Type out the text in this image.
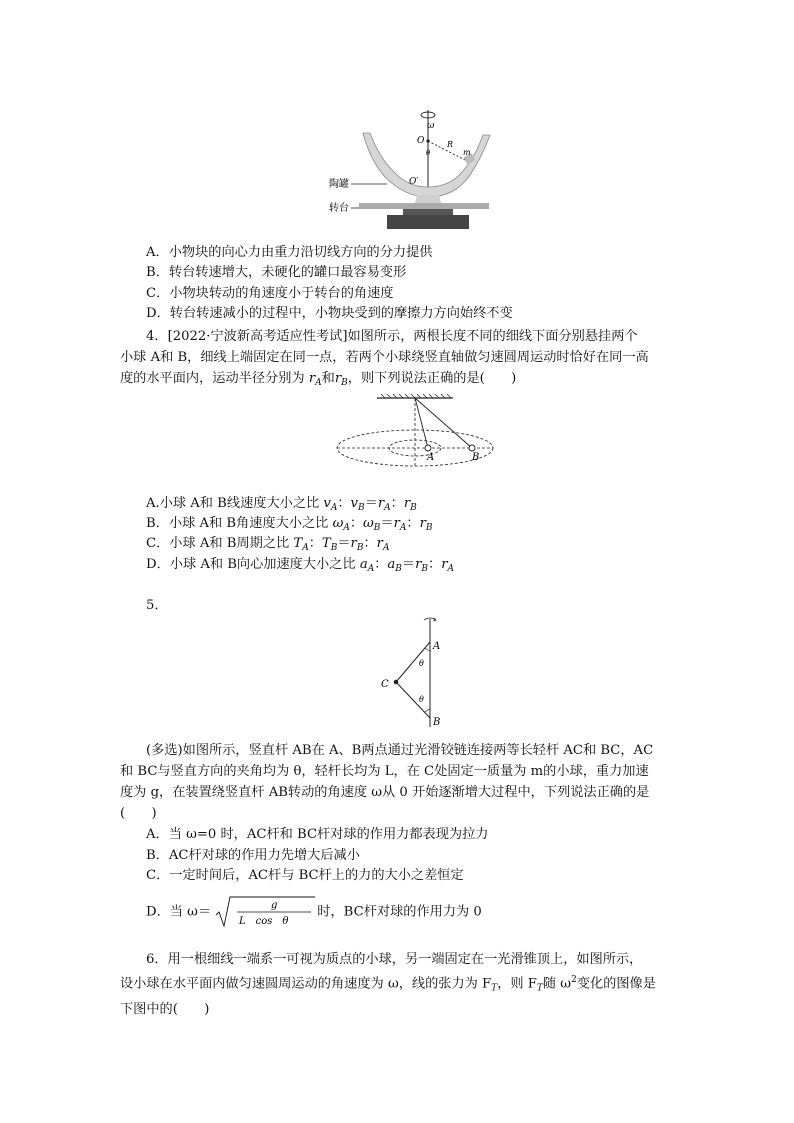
ω
O	R
m
θ
O′
陶罐
转台
A．小物块的向心力由重力沿切线方向的分力提供
B．转台转速增大，未硬化的罐口最容易变形
C．小物块转动的角速度小于转台的角速度
D．转台转速减小的过程中，小物块受到的摩擦力方向始终不变

4．[2022·宁波新高考适应性考试]如图所示，两根长度不同的细线下面分别悬挂两个

小球 A和 B，细线上端固定在同一点，若两个小球绕竖直轴做匀速圆周运动时恰好在同一高

度的水平面内，运动半径分别为 $r_A$和$r_B$，则下列说法正确的是(　　)

A	B
A.小球 A和 B线速度大小之比 $v_A$：$v_B=r_A$：$r_B$
B．小球 A和 B角速度大小之比 $\omega_A$：$\omega_B=r_A$：$r_B$
C．小球 A和 B周期之比 $T_A$：$T_B=r_B$：$r_A$
D．小球 A和 B向心加速度大小之比 $a_A$：$a_B=r_B$：$r_A$
5．
A
B
C
θ
θ

(多选)如图所示，竖直杆 AB在 A、B两点通过光滑铰链连接两等长轻杆 AC和 BC，AC

和 BC与竖直方向的夹角均为 θ，轻杆长均为 L，在 C处固定一质量为 m的小球，重力加速

度为 g，在装置绕竖直杆 AB转动的角速度 ω从 0 开始逐渐增大过程中，下列说法正确的是

(　　)

A．当 ω=0 时，AC杆和 BC杆对球的作用力都表现为拉力
B．AC杆对球的作用力先增大后减小
C．一定时间后，AC杆与 BC杆上的力的大小之差恒定
D．当 ω＝	g
L　cos　θ
时，BC杆对球的作用力为 0

6．用一根细线一端系一可视为质点的小球，另一端固定在一光滑锥顶上，如图所示，

设小球在水平面内做匀速圆周运动的角速度为 ω，线的张力为 $F_T$，则 $F_T$随 $\omega^2$变化的图像是

下图中的(　　)
